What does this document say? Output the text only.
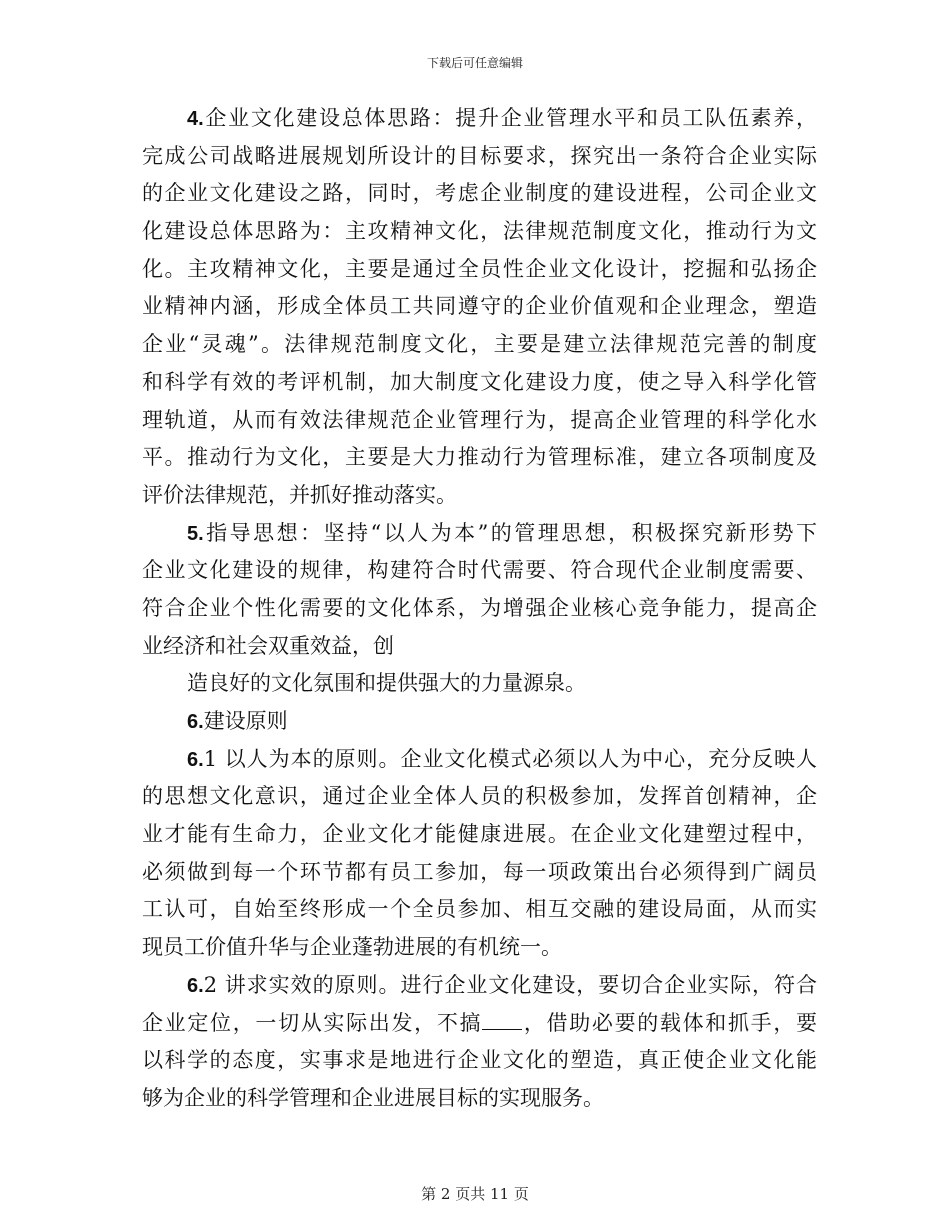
下载后可任意编辑
4.企业文化建设总体思路：提升企业管理水平和员工队伍素养，
完成公司战略进展规划所设计的目标要求，探究出一条符合企业实际
的企业文化建设之路，同时，考虑企业制度的建设进程，公司企业文
化建设总体思路为：主攻精神文化，法律规范制度文化，推动行为文
化。主攻精神文化，主要是通过全员性企业文化设计，挖掘和弘扬企
业精神内涵，形成全体员工共同遵守的企业价值观和企业理念，塑造
企业“灵魂”。法律规范制度文化，主要是建立法律规范完善的制度
和科学有效的考评机制，加大制度文化建设力度，使之导入科学化管
理轨道，从而有效法律规范企业管理行为，提高企业管理的科学化水
平。推动行为文化，主要是大力推动行为管理标准，建立各项制度及
评价法律规范，并抓好推动落实。
5.指导思想：坚持“以人为本”的管理思想，积极探究新形势下
企业文化建设的规律，构建符合时代需要、符合现代企业制度需要、
符合企业个性化需要的文化体系，为增强企业核心竞争能力，提高企
业经济和社会双重效益，创
造良好的文化氛围和提供强大的力量源泉。
6.建设原则
6.1 以人为本的原则。企业文化模式必须以人为中心，充分反映人
的思想文化意识，通过企业全体人员的积极参加，发挥首创精神，企
业才能有生命力，企业文化才能健康进展。在企业文化建塑过程中，
必须做到每一个环节都有员工参加，每一项政策出台必须得到广阔员
工认可，自始至终形成一个全员参加、相互交融的建设局面，从而实
现员工价值升华与企业蓬勃进展的有机统一。
6.2 讲求实效的原则。进行企业文化建设，要切合企业实际，符合
企业定位，一切从实际出发，不搞 ，借助必要的载体和抓手，要
以科学的态度，实事求是地进行企业文化的塑造，真正使企业文化能
够为企业的科学管理和企业进展目标的实现服务。
第 2 页共 11 页
